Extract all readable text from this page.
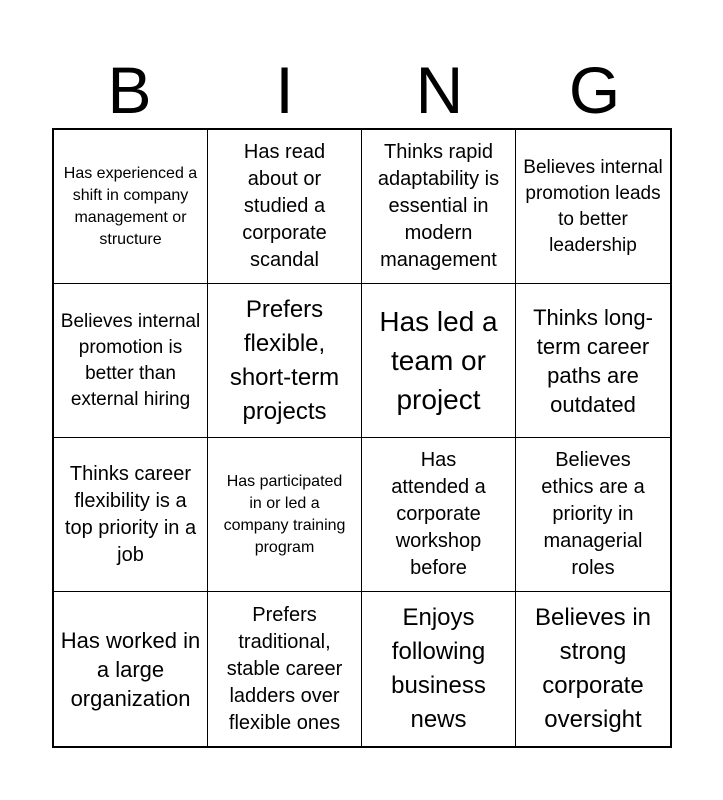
B	I	N	G
Has experienced a shift in company management or structure
Has read about or studied a corporate scandal
Thinks rapid adaptability is essential in modern management
Believes internal promotion leads to better leadership
Believes internal promotion is better than external hiring
Prefers flexible, short-term projects
Has led a team or project
Thinks long-term career paths are outdated
Thinks career flexibility is a top priority in a job
Has participated in or led a company training program
Has attended a corporate workshop before
Believes ethics are a priority in managerial roles
Has worked in a large organization
Prefers traditional, stable career ladders over flexible ones
Enjoys following business news
Believes in strong corporate oversight
